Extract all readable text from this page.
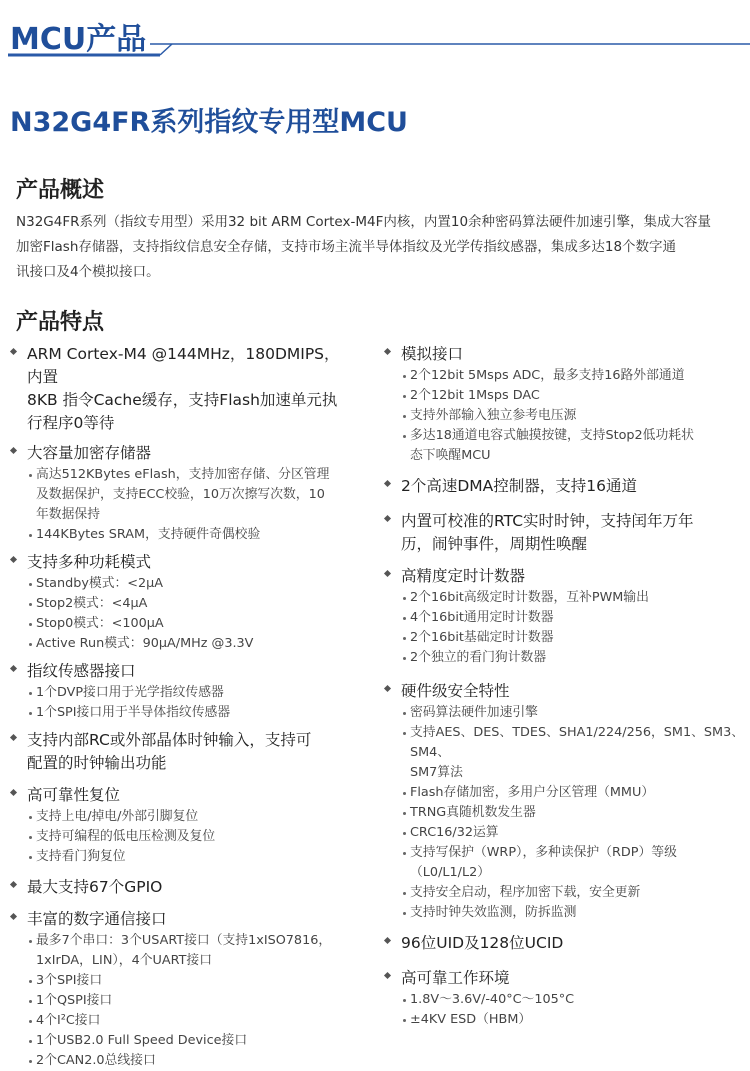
MCU产品
N32G4FR系列指纹专用型MCU
产品概述
N32G4FR系列（指纹专用型）采用32 bit ARM Cortex-M4F内核，内置10余种密码算法硬件加速引擎，集成大容量
加密Flash存储器，支持指纹信息安全存储，支持市场主流半导体指纹及光学传指纹感器，集成多达18个数字通
讯接口及4个模拟接口。
产品特点
ARM Cortex-M4 @144MHz，180DMIPS，内置
8KB 指令Cache缓存，支持Flash加速单元执
行程序0等待
大容量加密存储器
高达512KBytes eFlash，支持加密存储、分区管理
及数据保护，支持ECC校验，10万次擦写次数，10
年数据保持
144KBytes SRAM，支持硬件奇偶校验
支持多种功耗模式
Standby模式：<2µA
Stop2模式：<4µA
Stop0模式：<100µA
Active Run模式：90µA/MHz @3.3V
指纹传感器接口
1个DVP接口用于光学指纹传感器
1个SPI接口用于半导体指纹传感器
支持内部RC或外部晶体时钟输入，支持可
配置的时钟输出功能
高可靠性复位
支持上电/掉电/外部引脚复位
支持可编程的低电压检测及复位
支持看门狗复位
最大支持67个GPIO
丰富的数字通信接口
最多7个串口：3个USART接口（支持1xISO7816，
1xIrDA，LIN），4个UART接口
3个SPI接口
1个QSPI接口
4个I²C接口
1个USB2.0 Full Speed Device接口
2个CAN2.0总线接口
模拟接口
2个12bit 5Msps ADC，最多支持16路外部通道
2个12bit 1Msps DAC
支持外部输入独立参考电压源
多达18通道电容式触摸按键，支持Stop2低功耗状
态下唤醒MCU
2个高速DMA控制器，支持16通道
内置可校准的RTC实时时钟，支持闰年万年
历，闹钟事件，周期性唤醒
高精度定时计数器
2个16bit高级定时计数器，互补PWM输出
4个16bit通用定时计数器
2个16bit基础定时计数器
2个独立的看门狗计数器
硬件级安全特性
密码算法硬件加速引擎
支持AES、DES、TDES、SHA1/224/256，SM1、SM3、SM4、
SM7算法
Flash存储加密，多用户分区管理（MMU）
TRNG真随机数发生器
CRC16/32运算
支持写保护（WRP），多种读保护（RDP）等级（L0/L1/L2）
支持安全启动，程序加密下载，安全更新
支持时钟失效监测，防拆监测
96位UID及128位UCID
高可靠工作环境
1.8V～3.6V/-40°C～105°C
±4KV ESD（HBM）
